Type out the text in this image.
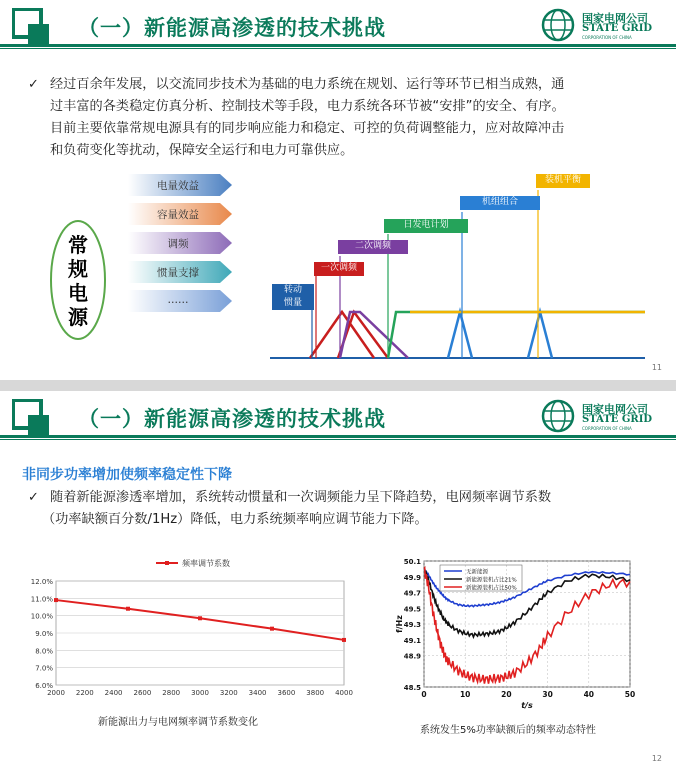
（一）新能源高渗透的技术挑战	国家电网公司
STATE GRID
CORPORATION OF CHINA
✓ 经过百余年发展，以交流同步技术为基础的电力系统在规划、运行等环节已相当成熟，通
过丰富的各类稳定仿真分析、控制技术等手段，电力系统各环节被“安排”的安全、有序。
目前主要依靠常规电源具有的同步响应能力和稳定、可控的负荷调整能力，应对故障冲击
和负荷变化等扰动，保障安全运行和电力可靠供应。
常
规
电
源
11
电量效益
容量效益
调频
惯量支撑
……
转动
惯量
一次调频
二次调频
日发电计划
机组组合
装机平衡
（一）新能源高渗透的技术挑战	国家电网公司
STATE GRID
CORPORATION OF CHINA
非同步功率增加使频率稳定性下降
✓ 随着新能源渗透率增加，系统转动惯量和一次调频能力呈下降趋势，电网频率调节系数
（功率缺额百分数/1Hz）降低，电力系统频率响应调节能力下降。
6.0%
7.0%
8.0%
9.0%
10.0%
11.0%
12.0%
2000 2200 2400 2600 2800 3000 3200 3400 3600 3800 4000
频率调节系数
新能源出力与电网频率调节系数变化
48.5
48.9
49.3
49.7
50.1
49.1
49.5
49.9
0	10	20	30	40	50
t/s
f/Hz
无新能源
新能源装机占比21%
新能源装机占比50%
系统发生5%功率缺额后的频率动态特性
12
